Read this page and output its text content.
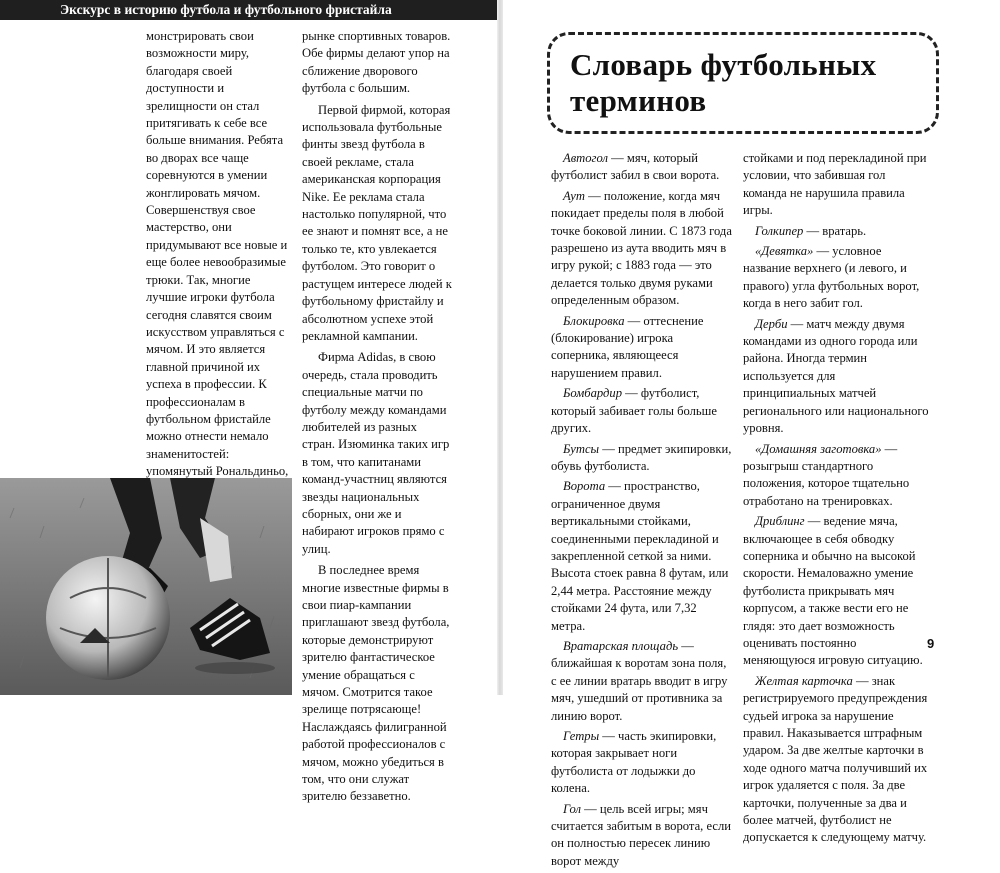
Экскурс в историю футбола и футбольного фристайла

монстрировать свои возможности миру, благодаря своей доступности и зрелищности он стал притягивать к себе все больше внимания. Ребята во дворах все чаще соревнуются в умении жонглировать мячом. Совершенствуя свое мастерство, они придумывают все новые и еще более невообразимые трюки. Так, многие лучшие игроки футбола сегодня славятся своим искусством управляться с мячом. И это является главной причиной их успеха в профессии. К профессионалам в футбольном фристайле можно отнести немало знаменитостей: упомянутый Рональдиньо,

рынке спортивных товаров. Обе фирмы делают упор на сближение дворового футбола с большим.

Первой фирмой, которая использовала футбольные финты звезд футбола в своей рекламе, стала американская корпорация Nike. Ее реклама стала настолько популярной, что ее знают и помнят все, а не только те, кто увлекается футболом. Это говорит о растущем интересе людей к футбольному фристайлу и абсолютном успехе этой рекламной кампании.

Фирма Adidas, в свою очередь, стала проводить специальные матчи по футболу между командами любителей из разных стран. Изюминка таких игр в том, что капитанами команд-участниц являются звезды национальных сборных, они же и набирают игроков прямо с улиц.

В последнее время многие известные фирмы в свои пиар-кампании приглашают звезд футбола, которые демонстрируют зрителю фантастическое умение обращаться с мячом. Смотрится такое зрелище потрясающе! Наслаждаясь филигранной работой профессионалов с мячом, можно убедиться в том, что они служат зрителю беззаветно.

Словарь футбольных
терминов

Автогол — мяч, который футболист забил в свои ворота.

Аут — положение, когда мяч покидает пределы поля в любой точке боковой линии. С 1873 года разрешено из аута вводить мяч в игру рукой; с 1883 года — это делается только двумя руками определенным образом.

Блокировка — оттеснение (блокирование) игрока соперника, являющееся нарушением правил.

Бомбардир — футболист, который забивает голы больше других.

Бутсы — предмет экипировки, обувь футболиста.

Ворота — пространство, ограниченное двумя вертикальными стойками, соединенными перекладиной и закрепленной сеткой за ними. Высота стоек равна 8 футам, или 2,44 метра. Расстояние между стойками 24 фута, или 7,32 метра.

Вратарская площадь — ближайшая к воротам зона поля, с ее линии вратарь вводит в игру мяч, ушедший от противника за линию ворот.

Гетры — часть экипировки, которая закрывает ноги футболиста от лодыжки до колена.

Гол — цель всей игры; мяч считается забитым в ворота, если он полностью пересек линию ворот между

стойками и под перекладиной при условии, что забившая гол команда не нарушила правила игры.

Голкипер — вратарь.

«Девятка» — условное название верхнего (и левого, и правого) угла футбольных ворот, когда в него забит гол.

Дерби — матч между двумя командами из одного города или района. Иногда термин используется для принципиальных матчей регионального или национального уровня.

«Домашняя заготовка» — розыгрыш стандартного положения, которое тщательно отработано на тренировках.

Дриблинг — ведение мяча, включающее в себя обводку соперника и обычно на высокой скорости. Немаловажно умение футболиста прикрывать мяч корпусом, а также вести его не глядя: это дает возможность оценивать постоянно меняющуюся игровую ситуацию.

Желтая карточка — знак регистрируемого предупреждения судьей игрока за нарушение правил. Наказывается штрафным ударом. За две желтые карточки в ходе одного матча получивший их игрок удаляется с поля. За две карточки, полученные за два и более матчей, футболист не допускается к следующему матчу.

9
